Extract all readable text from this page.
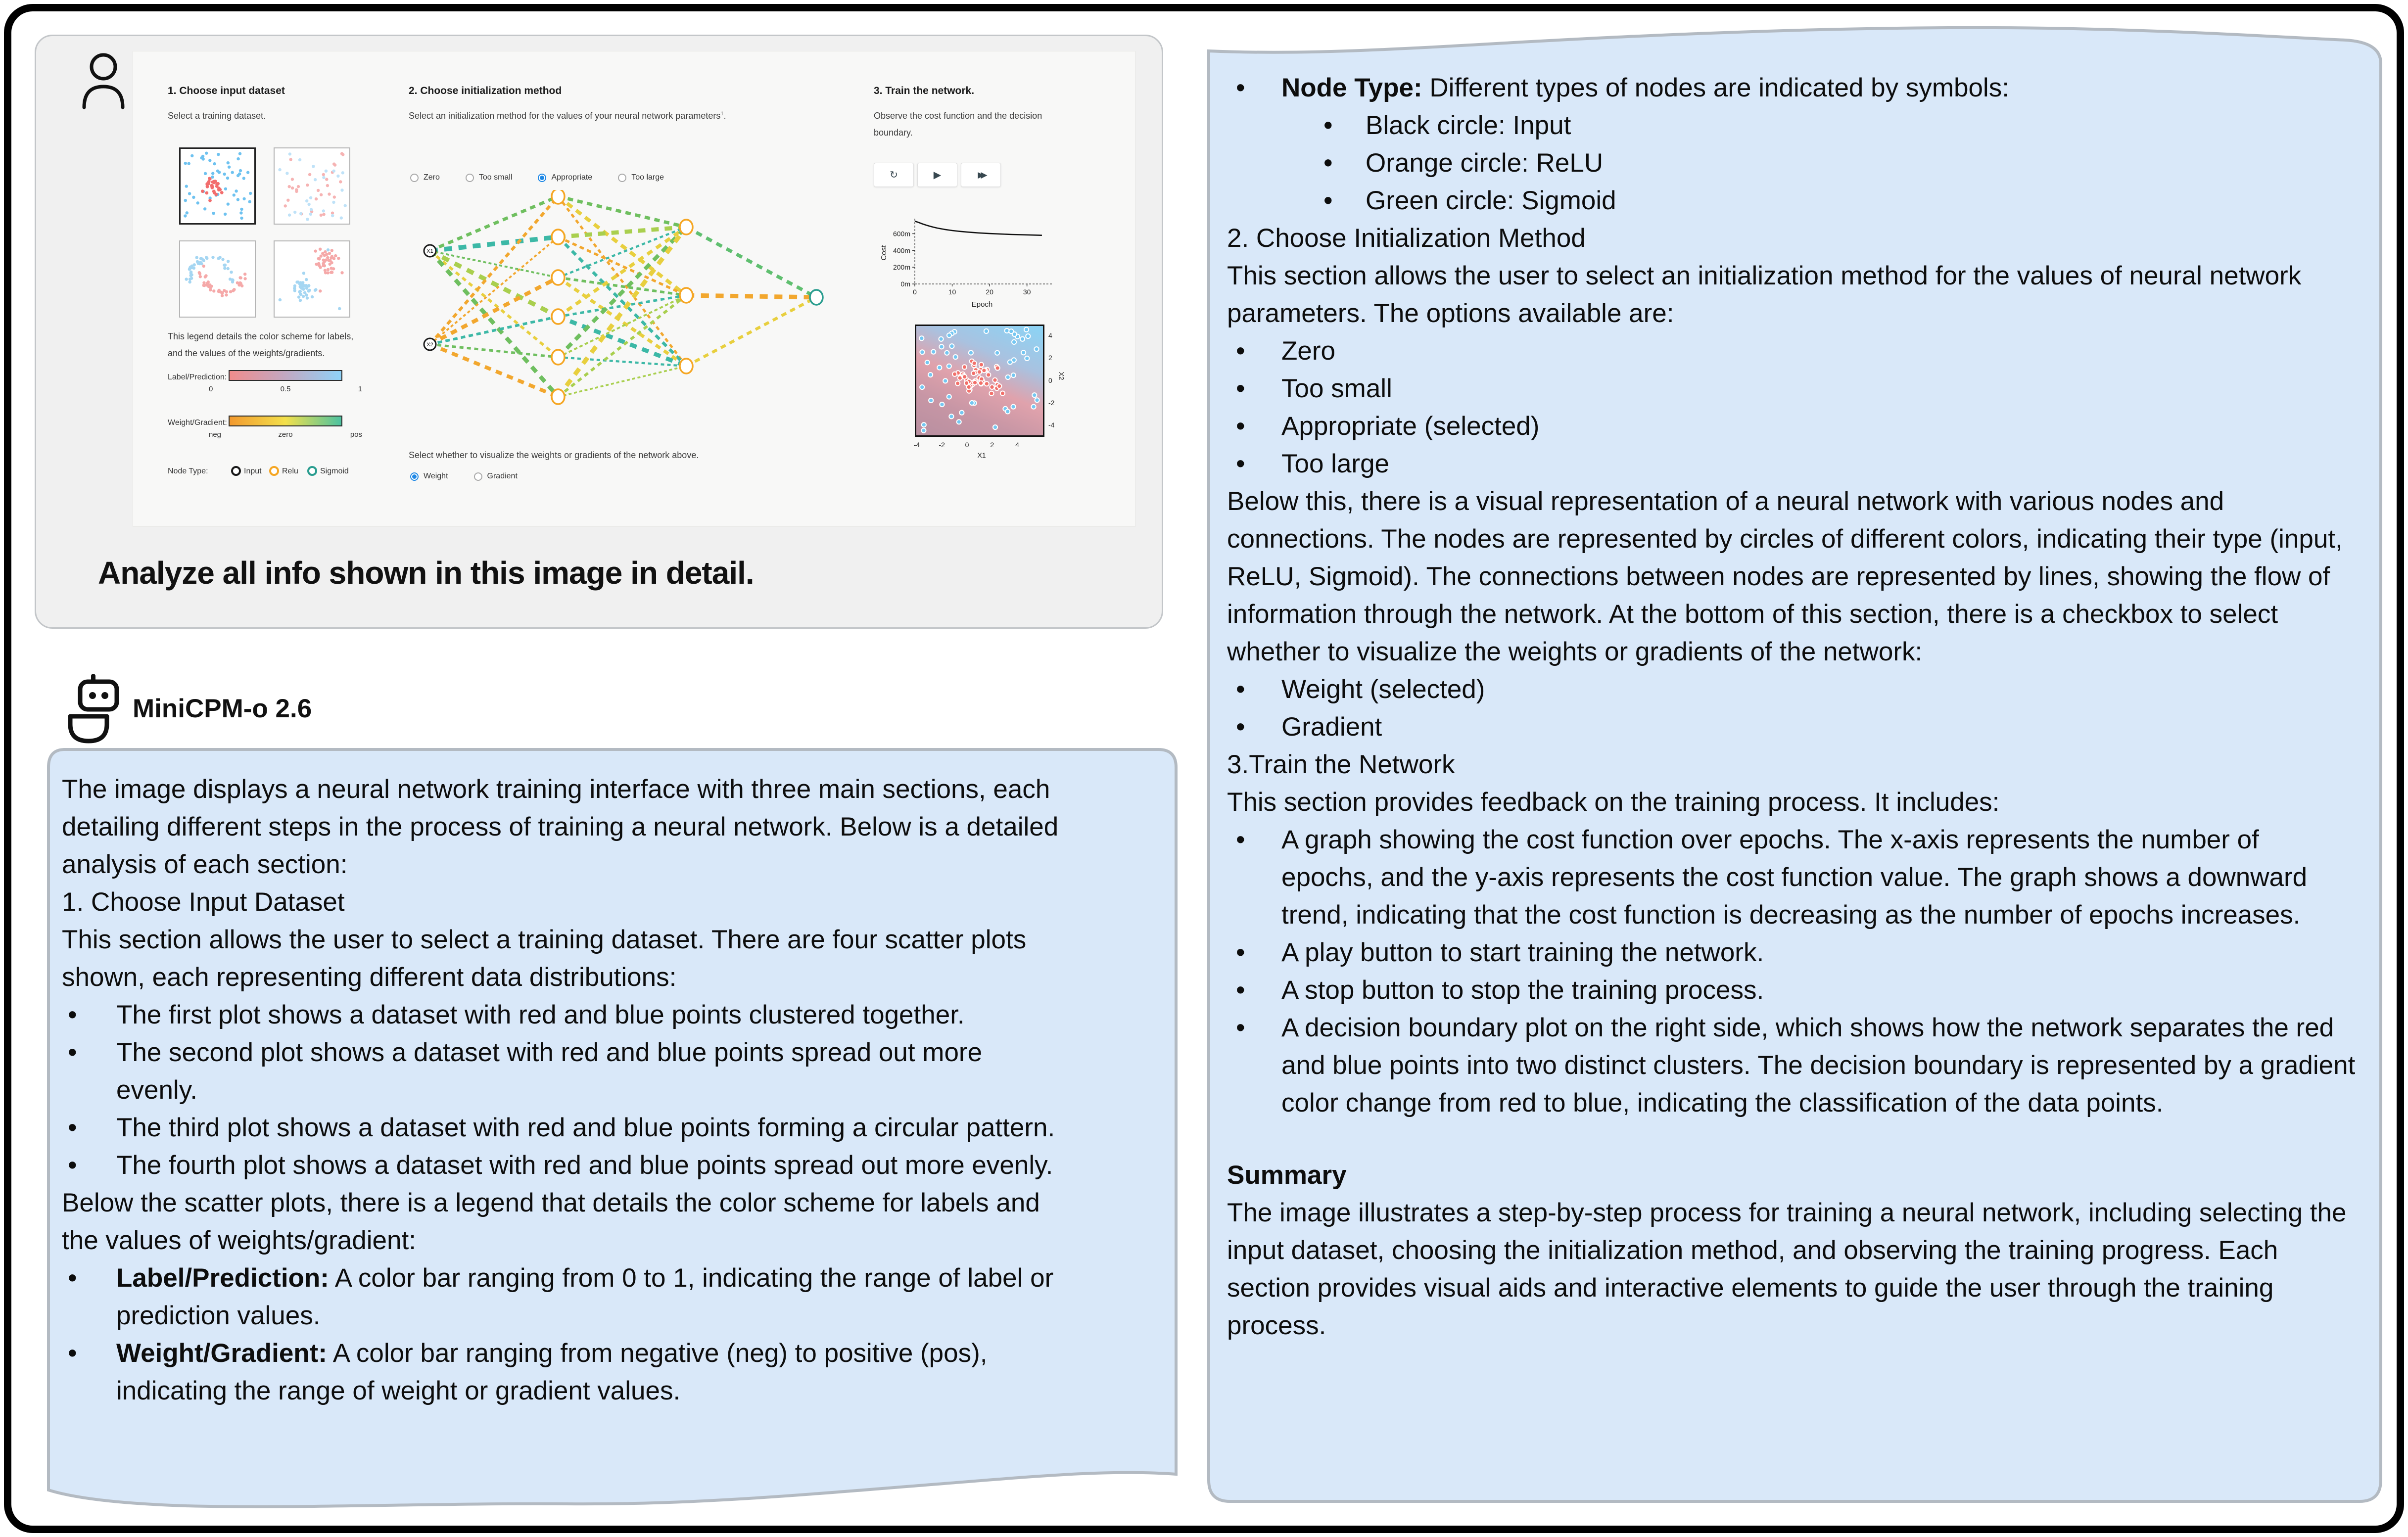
1. Choose input dataset
Select a training dataset.
This legend details the color scheme for labels,
and the values of the weights/gradients.
Label/Prediction:
0	0.5	1
Weight/Gradient:
neg	zero	pos
Node Type:
2. Choose initialization method
Select an initialization method for the values of your neural network parameters$^1$.
Zero	Too small	Appropriate	Too large
X1
X2
Select whether to visualize the weights or gradients of the network above.
Weight	Gradient
3. Train the network.
Observe the cost function and the decision
boundary.
0m
200m
400m
600m
0	10	20	30
Cost
Epoch
X1
X2
Input	Relu	Sigmoid
↻	▶	▶▶
-4	-2	0	2	4
4
2
0
-2
-4
Analyze all info shown in this image in detail.
MiniCPM-o 2.6
The image displays a neural network training interface with three main sections, each detailing different steps in the process of training a neural network. Below is a detailed analysis of each section:
1. Choose Input Dataset
This section allows the user to select a training dataset. There are four scatter plots shown, each representing different data distributions:
• The first plot shows a dataset with red and blue points clustered together.
• The second plot shows a dataset with red and blue points spread out more evenly.
• The third plot shows a dataset with red and blue points forming a circular pattern.
• The fourth plot shows a dataset with red and blue points spread out more evenly.
Below the scatter plots, there is a legend that details the color scheme for labels and the values of weights/gradient:
• Label/Prediction: A color bar ranging from 0 to 1, indicating the range of label or prediction values.
• Weight/Gradient: A color bar ranging from negative (neg) to positive (pos), indicating the range of weight or gradient values.
• Node Type: Different types of nodes are indicated by symbols:
• Black circle: Input
• Orange circle: ReLU
• Green circle: Sigmoid
2. Choose Initialization Method
This section allows the user to select an initialization method for the values of neural network parameters. The options available are:
• Zero
• Too small
• Appropriate (selected)
• Too large
Below this, there is a visual representation of a neural network with various nodes and connections. The nodes are represented by circles of different colors, indicating their type (input, ReLU, Sigmoid). The connections between nodes are represented by lines, showing the flow of information through the network. At the bottom of this section, there is a checkbox to select whether to visualize the weights or gradients of the network:
• Weight (selected)
• Gradient
3.Train the Network
This section provides feedback on the training process. It includes:
• A graph showing the cost function over epochs. The x-axis represents the number of epochs, and the y-axis represents the cost function value. The graph shows a downward trend, indicating that the cost function is decreasing as the number of epochs increases.
• A play button to start training the network.
• A stop button to stop the training process.
• A decision boundary plot on the right side, which shows how the network separates the red and blue points into two distinct clusters. The decision boundary is represented by a gradient color change from red to blue, indicating the classification of the data points.
Summary
The image illustrates a step-by-step process for training a neural network, including selecting the input dataset, choosing the initialization method, and observing the training progress. Each section provides visual aids and interactive elements to guide the user through the training process.
